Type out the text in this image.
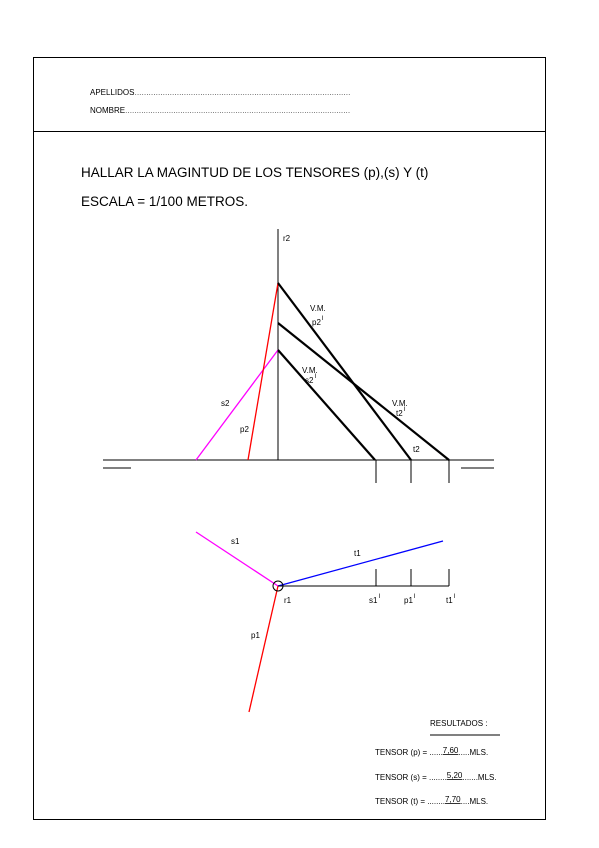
APELLIDOS............................................................................................
NOMBRE..................................................................................................
HALLAR LA MAGINTUD DE LOS TENSORES (p),(s) Y (t)
ESCALA = 1/100 METROS.
r2
s2
p2
t2
V.M.
$p2^I$
V.M.
$s2^I$
V.M.
$t2^I$
s1
t1
r1
p1
$s1^I$	$p1^I$	$t1^I$
RESULTADOS :
TENSOR (p) = ......7,60.....MLS.
TENSOR (s) = ........5,20.......MLS.
TENSOR (t) = ........7,70....MLS.
